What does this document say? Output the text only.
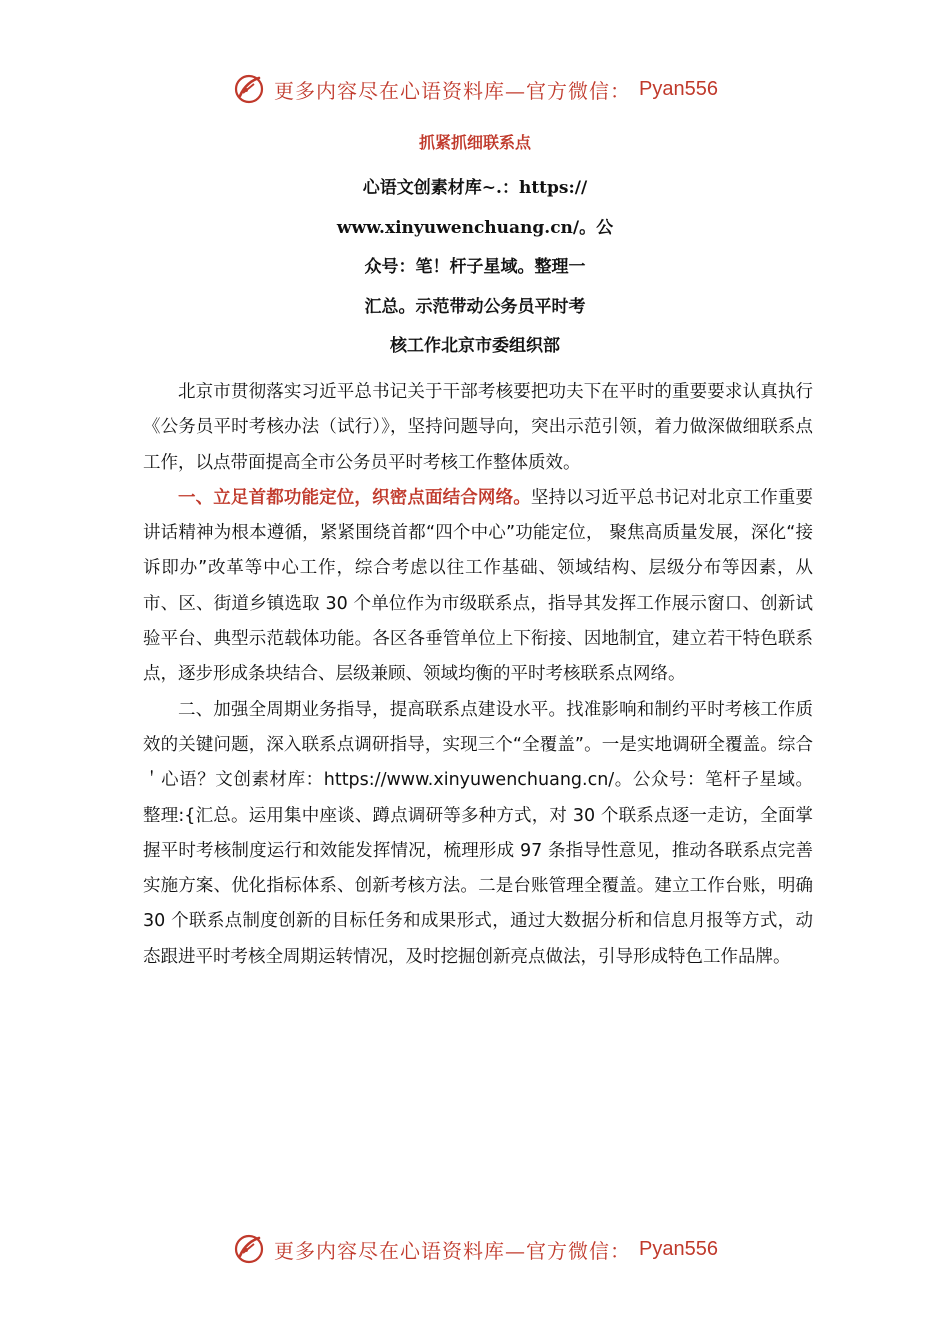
更多内容尽在心语资料库—官方微信： Pyan556
抓紧抓细联系点
心语文创素材库~.：https://
www.xinyuwenchuang.cn/。公
众号：笔！杆子星域。整理一
汇总。示范带动公务员平时考
核工作北京市委组织部

北京市贯彻落实习近平总书记关于干部考核要把功夫下在平时的重要要求认真执行《公务员平时考核办法（试行）》，坚持问题导向，突出示范引领，着力做深做细联系点工作，以点带面提高全市公务员平时考核工作整体质效。

一、立足首都功能定位，织密点面结合网络。坚持以习近平总书记对北京工作重要讲话精神为根本遵循，紧紧围绕首都“四个中心”功能定位， 聚焦高质量发展，深化“接诉即办”改革等中心工作，综合考虑以往工作基础、领域结构、层级分布等因素，从市、区、街道乡镇选取 30 个单位作为市级联系点，指导其发挥工作展示窗口、创新试验平台、典型示范载体功能。各区各垂管单位上下衔接、因地制宜，建立若干特色联系点，逐步形成条块结合、层级兼顾、领域均衡的平时考核联系点网络。

二、加强全周期业务指导，提高联系点建设水平。找准影响和制约平时考核工作质效的关键问题，深入联系点调研指导，实现三个“全覆盖”。一是实地调研全覆盖。综合＇心语？文创素材库：https://www.xinyuwenchuang.cn/。公众号：笔杆子星域。整理:{汇总。运用集中座谈、蹲点调研等多种方式，对 30 个联系点逐一走访，全面掌握平时考核制度运行和效能发挥情况，梳理形成 97 条指导性意见，推动各联系点完善实施方案、优化指标体系、创新考核方法。二是台账管理全覆盖。建立工作台账，明确 30 个联系点制度创新的目标任务和成果形式，通过大数据分析和信息月报等方式，动态跟进平时考核全周期运转情况，及时挖掘创新亮点做法，引导形成特色工作品牌。

更多内容尽在心语资料库—官方微信： Pyan556
